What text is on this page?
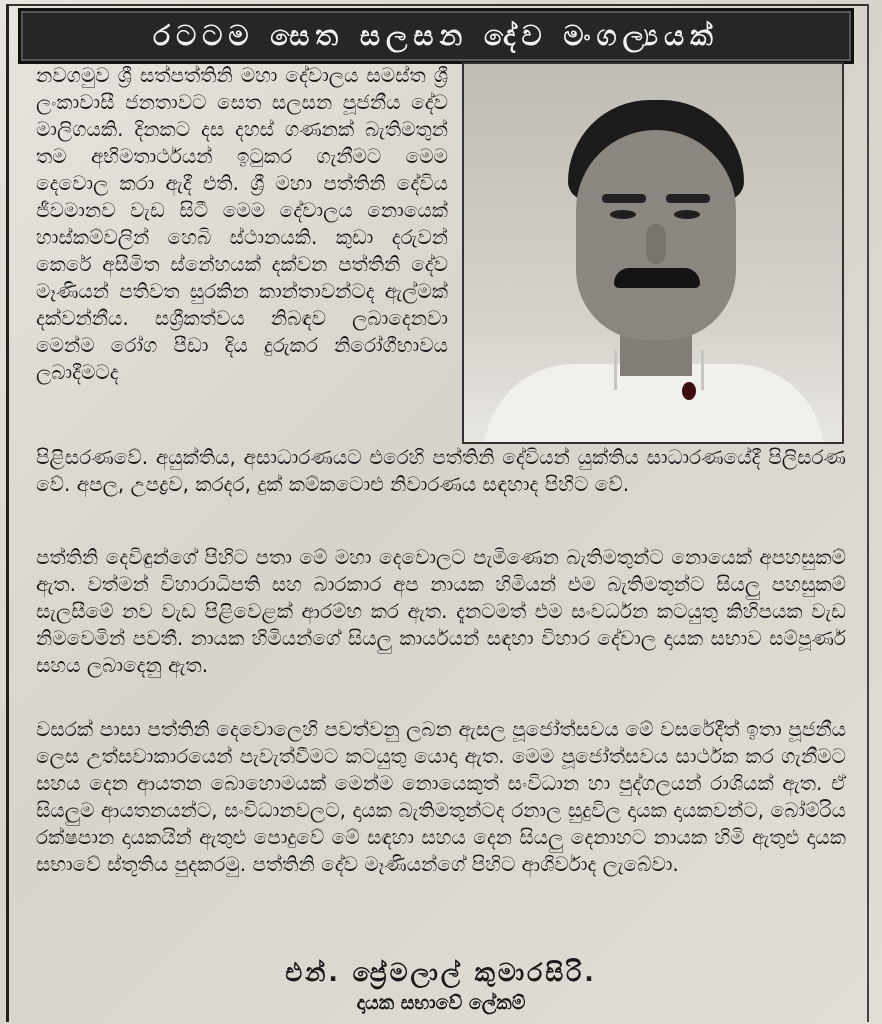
රටටම සෙත සලසන දේව මංගල්‍යයක්

නවගමුව ශ්‍රී සත්පත්තිනි මහා දේවාලය සමස්ත ශ්‍රී ලංකාවාසී ජනතාවට සෙත සලසන පූජනීය දේව මාලිගයකි. දිනකට දස දහස් ගණනක් බැතිමතුන් තම අභිමතාර්ථයන් ඉටුකර ගැනීමට මෙම දෙවොල කරා ඇදී එති. ශ්‍රී මහා පත්තිනි දේවිය ජීවමානව වැඩ සිටී මෙම දේවාලය නොයෙක් හාස්කම්වලින් හෙබි ස්ථානයකි. කුඩා දරුවන් කෙරේ අසීමිත ස්නේහයක් දක්වන පත්තිනි දේව මෑණියන් පතිවත සුරකින කාන්තාවන්ටද ඇල්මක් දක්වන්නීය. සශ්‍රීකත්වය නිබඳව ලබාදෙනවා මෙන්ම රෝග පීඩා දිය දුරුකර නිරෝගීභාවය ලබාදීමටද

පිළිසරණවේ. අයුක්තිය, අසාධාරණයට එරෙහි පත්තිනි දේවියන් යුක්තිය සාධාරණයේදී පිලිසරණ වේ. අපල, උපද්‍රව, කරදර, දුක් කම්කටොළු නිවාරණය සඳහාද පිහිට වේ.

පත්තිනි දෙවිඳුන්ගේ පිහිට පතා මේ මහා දෙවොලට පැමිණෙන බැතිමතුන්ට නොයෙක් අපහසුකම් ඇත. වත්මන් විහාරාධිපති සහ බාරකාර අප නායක හිමියන් එම බැතිමතුන්ට සියලු පහසුකම් සැලසීමේ නව වැඩ පිළිවෙළක් ආරම්භ කර ඇත. දැනටමත් එම සංවර්ධන කටයුතු කිහිපයක වැඩ නිමවෙමින් පවතී. නායක හිමියන්ගේ සියලු කාර්යයන් සඳහා විහාර දේවාල දායක සභාව සම්පූර්ණ සහය ලබාදෙනු ඇත.

වසරක් පාසා පත්තිනි දෙවොලෙහි පවත්වනු ලබන ඇසල පූජෝත්සවය මේ වසරේදීත් ඉතා පූජනීය ලෙස උත්සවාකාරයෙන් පැවැත්වීමට කටයුතු යොදා ඇත. මෙම පූජෝත්සවය සාර්ථක කර ගැනීමට සහය දෙන ආයතන බොහොමයක් මෙන්ම නොයෙකුත් සංවිධාන හා පුද්ගලයන් රාශියක් ඇත. ඒ සියලුම ආයතනයන්ට, සංවිධානවලට, දායක බැතිමතුන්ටද රනාල සුදුවිල දායක දායකවන්ට, බෝම්රිය රක්ෂපාන දායකයින් ඇතුළු පොදුවේ මේ සඳහා සහය දෙන සියලු දෙනාහට නායක හිමි ඇතුළු දායක සභාවේ ස්තූතිය පුදකරමු. පත්තිනි දේව මෑණියන්ගේ පිහිට ආශිර්වාද ලැබේවා.

එන්. ප්‍රේමලාල් කුමාරසිරි.

දායක සභාවේ ලේකම්
